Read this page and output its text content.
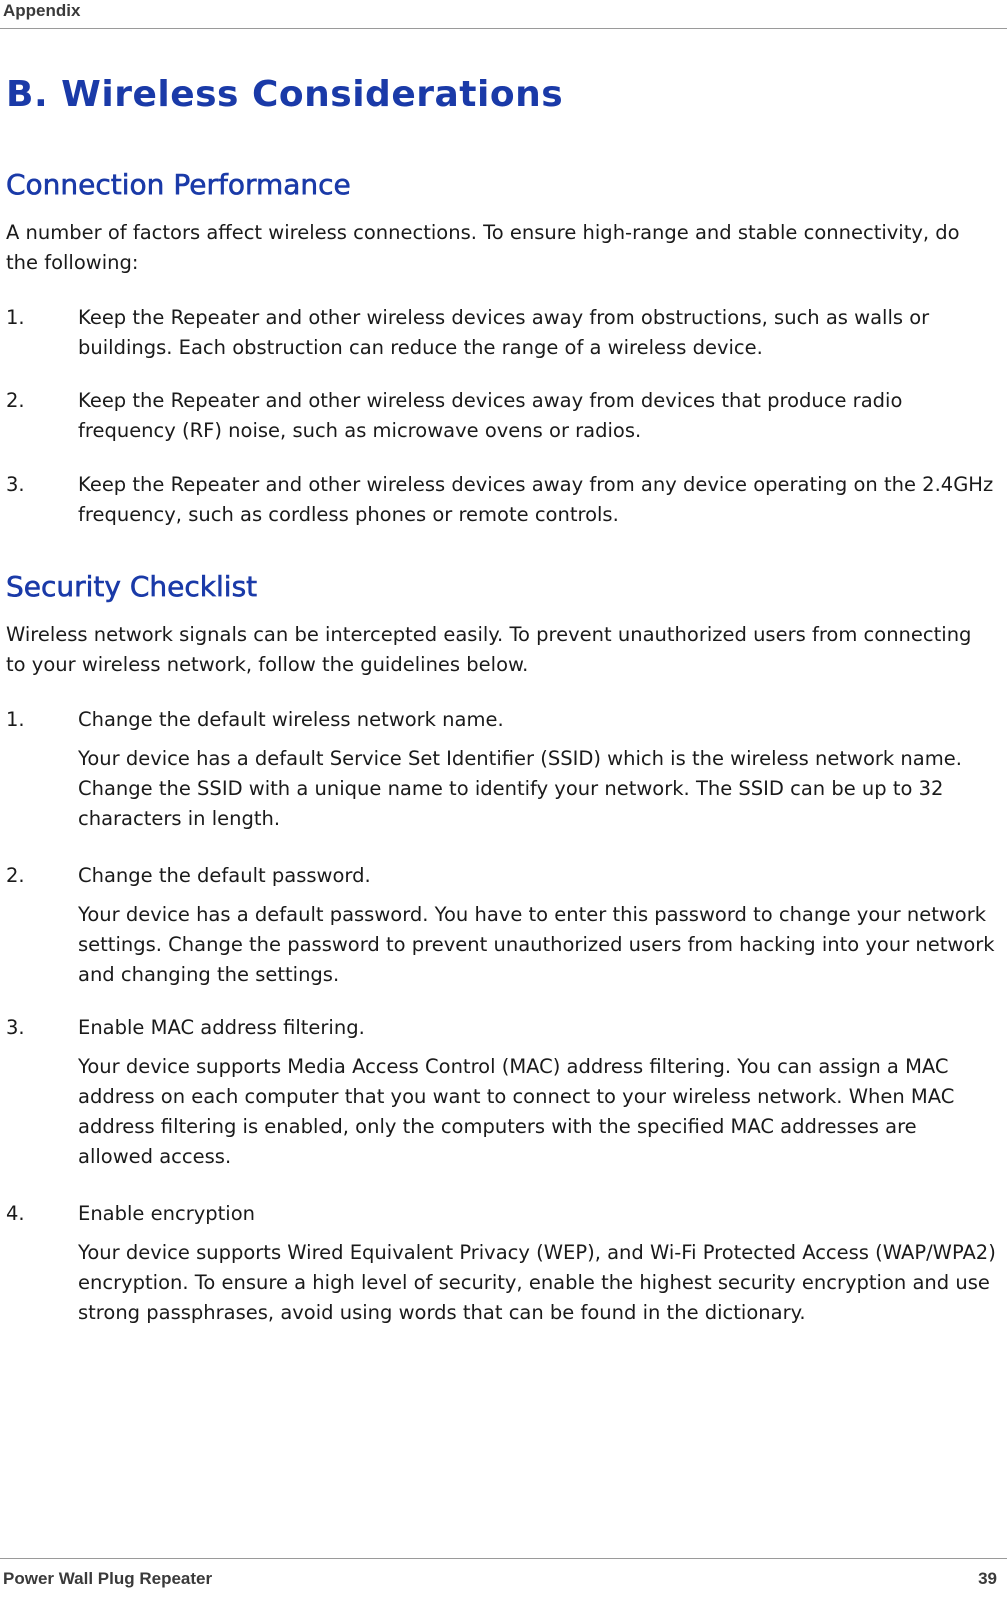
Appendix
B. Wireless Considerations
Connection Performance

A number of factors affect wireless connections. To ensure high-range and stable connectivity, do the following:

1.	Keep the Repeater and other wireless devices away from obstructions, such as walls or buildings. Each obstruction can reduce the range of a wireless device.
2.	Keep the Repeater and other wireless devices away from devices that produce radio frequency (RF) noise, such as microwave ovens or radios.
3.	Keep the Repeater and other wireless devices away from any device operating on the 2.4GHz frequency, such as cordless phones or remote controls.
Security Checklist

Wireless network signals can be intercepted easily. To prevent unauthorized users from connecting to your wireless network, follow the guidelines below.

1.	Change the default wireless network name.
Your device has a default Service Set Identifier (SSID) which is the wireless network name. Change the SSID with a unique name to identify your network. The SSID can be up to 32 characters in length.
2.	Change the default password.
Your device has a default password. You have to enter this password to change your network settings. Change the password to prevent unauthorized users from hacking into your network and changing the settings.
3.	Enable MAC address filtering.
Your device supports Media Access Control (MAC) address filtering. You can assign a MAC address on each computer that you want to connect to your wireless network. When MAC address filtering is enabled, only the computers with the specified MAC addresses are allowed access.
4.	Enable encryption
Your device supports Wired Equivalent Privacy (WEP), and Wi-Fi Protected Access (WAP/WPA2) encryption. To ensure a high level of security, enable the highest security encryption and use strong passphrases, avoid using words that can be found in the dictionary.
Power Wall Plug Repeater	39
